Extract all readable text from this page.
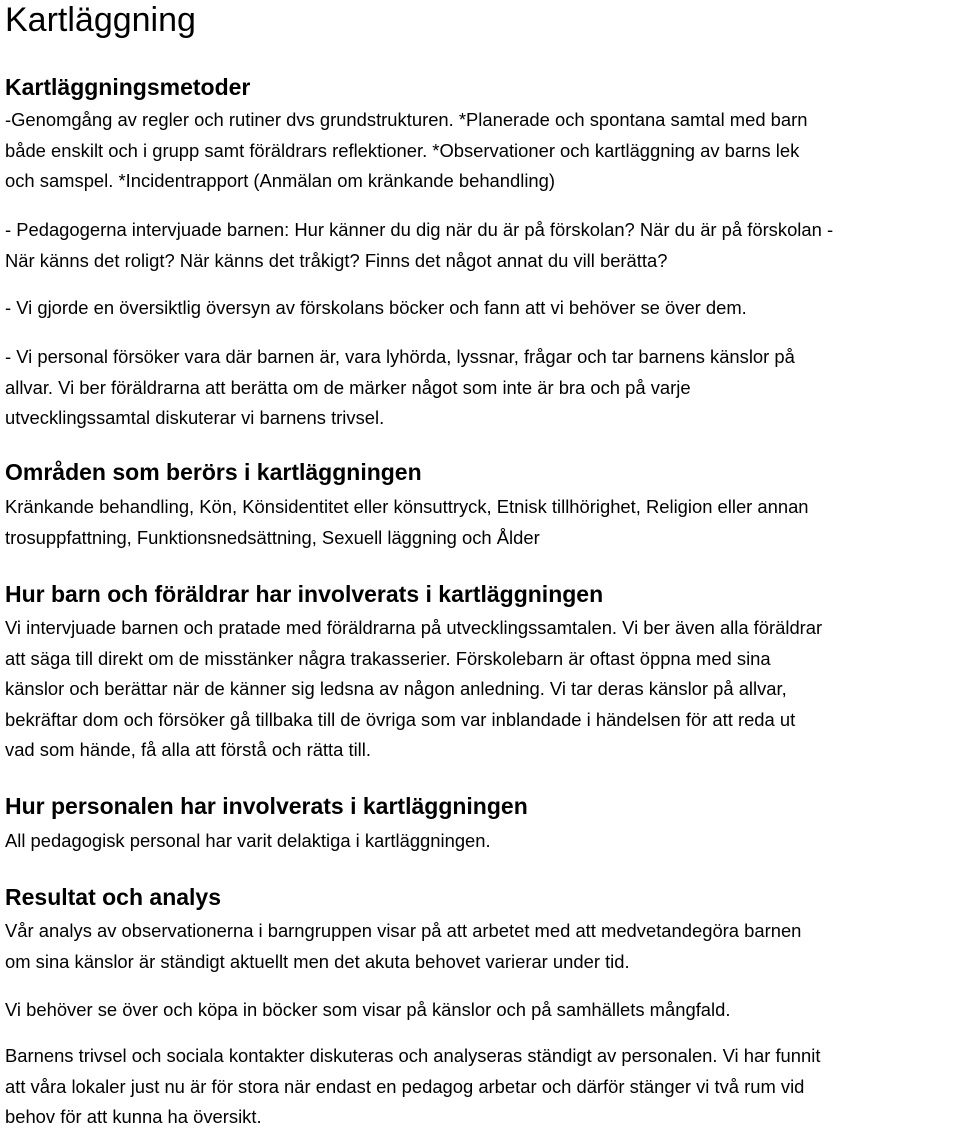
Kartläggning
Kartläggningsmetoder

-Genomgång av regler och rutiner dvs grundstrukturen. *Planerade och spontana samtal med barn
både enskilt och i grupp samt föräldrars reflektioner. *Observationer och kartläggning av barns lek
och samspel. *Incidentrapport (Anmälan om kränkande behandling)

- Pedagogerna intervjuade barnen: Hur känner du dig när du är på förskolan? När du är på förskolan -
När känns det roligt? När känns det tråkigt? Finns det något annat du vill berätta?

- Vi gjorde en översiktlig översyn av förskolans böcker och fann att vi behöver se över dem.

- Vi personal försöker vara där barnen är, vara lyhörda, lyssnar, frågar och tar barnens känslor på
allvar. Vi ber föräldrarna att berätta om de märker något som inte är bra och på varje
utvecklingssamtal diskuterar vi barnens trivsel.

Områden som berörs i kartläggningen

Kränkande behandling, Kön, Könsidentitet eller könsuttryck, Etnisk tillhörighet, Religion eller annan
trosuppfattning, Funktionsnedsättning, Sexuell läggning och Ålder

Hur barn och föräldrar har involverats i kartläggningen

Vi intervjuade barnen och pratade med föräldrarna på utvecklingssamtalen. Vi ber även alla föräldrar
att säga till direkt om de misstänker några trakasserier. Förskolebarn är oftast öppna med sina
känslor och berättar när de känner sig ledsna av någon anledning. Vi tar deras känslor på allvar,
bekräftar dom och försöker gå tillbaka till de övriga som var inblandade i händelsen för att reda ut
vad som hände, få alla att förstå och rätta till.

Hur personalen har involverats i kartläggningen

All pedagogisk personal har varit delaktiga i kartläggningen.

Resultat och analys

Vår analys av observationerna i barngruppen visar på att arbetet med att medvetandegöra barnen
om sina känslor är ständigt aktuellt men det akuta behovet varierar under tid.

Vi behöver se över och köpa in böcker som visar på känslor och på samhällets mångfald.

Barnens trivsel och sociala kontakter diskuteras och analyseras ständigt av personalen. Vi har funnit
att våra lokaler just nu är för stora när endast en pedagog arbetar och därför stänger vi två rum vid
behov för att kunna ha översikt.
